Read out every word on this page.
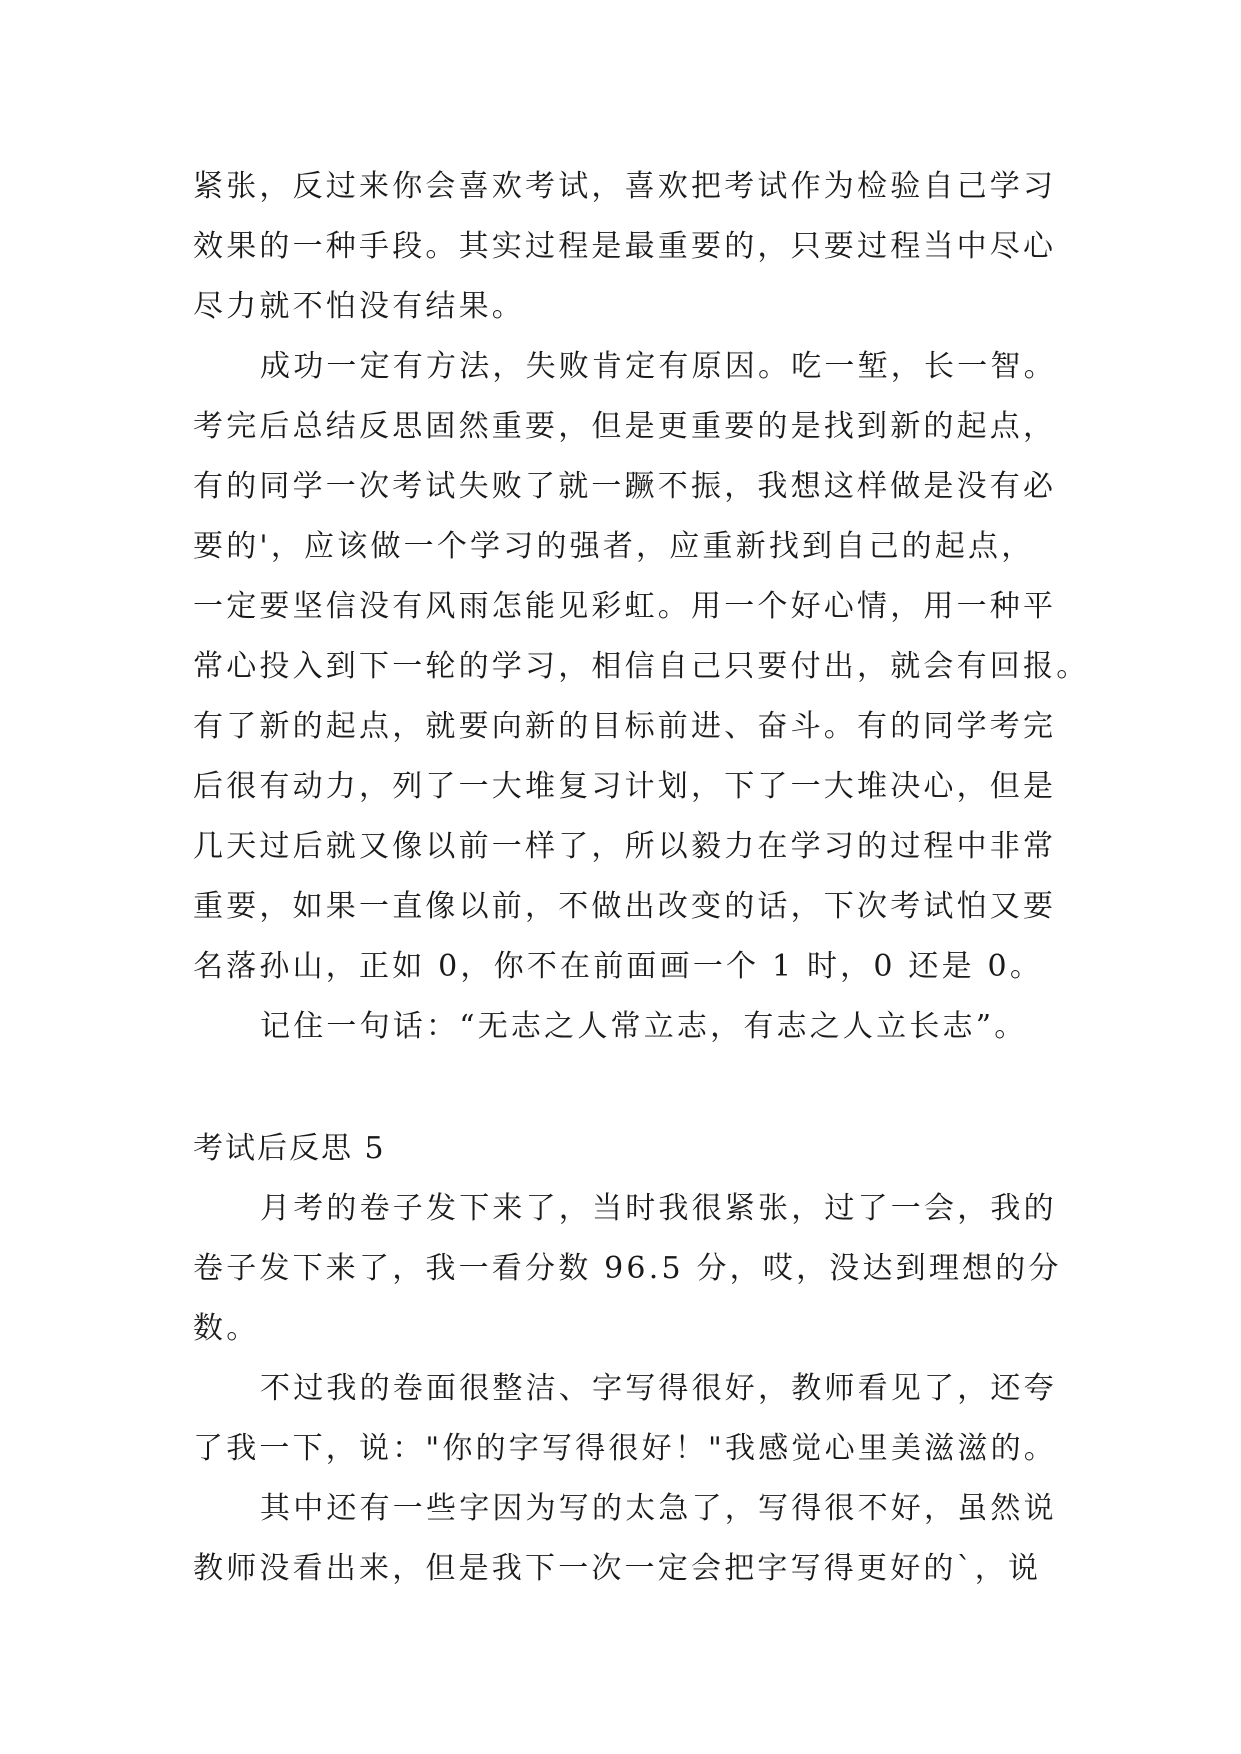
紧张，反过来你会喜欢考试，喜欢把考试作为检验自己学习
效果的一种手段。其实过程是最重要的，只要过程当中尽心
尽力就不怕没有结果。
成功一定有方法，失败肯定有原因。吃一堑，长一智。
考完后总结反思固然重要，但是更重要的是找到新的起点，
有的同学一次考试失败了就一蹶不振，我想这样做是没有必
要的'，应该做一个学习的强者，应重新找到自己的起点，
一定要坚信没有风雨怎能见彩虹。用一个好心情，用一种平
常心投入到下一轮的学习，相信自己只要付出，就会有回报。
有了新的起点，就要向新的目标前进、奋斗。有的同学考完
后很有动力，列了一大堆复习计划，下了一大堆决心，但是
几天过后就又像以前一样了，所以毅力在学习的过程中非常
重要，如果一直像以前，不做出改变的话，下次考试怕又要
名落孙山，正如 0，你不在前面画一个 1 时，0 还是 0。
记住一句话：“无志之人常立志，有志之人立长志”。
考试后反思 5
月考的卷子发下来了，当时我很紧张，过了一会，我的
卷子发下来了，我一看分数 96.5 分，哎，没达到理想的分
数。
不过我的卷面很整洁、字写得很好，教师看见了，还夸
了我一下，说："你的字写得很好！"我感觉心里美滋滋的。
其中还有一些字因为写的太急了，写得很不好，虽然说
教师没看出来，但是我下一次一定会把字写得更好的`，说
